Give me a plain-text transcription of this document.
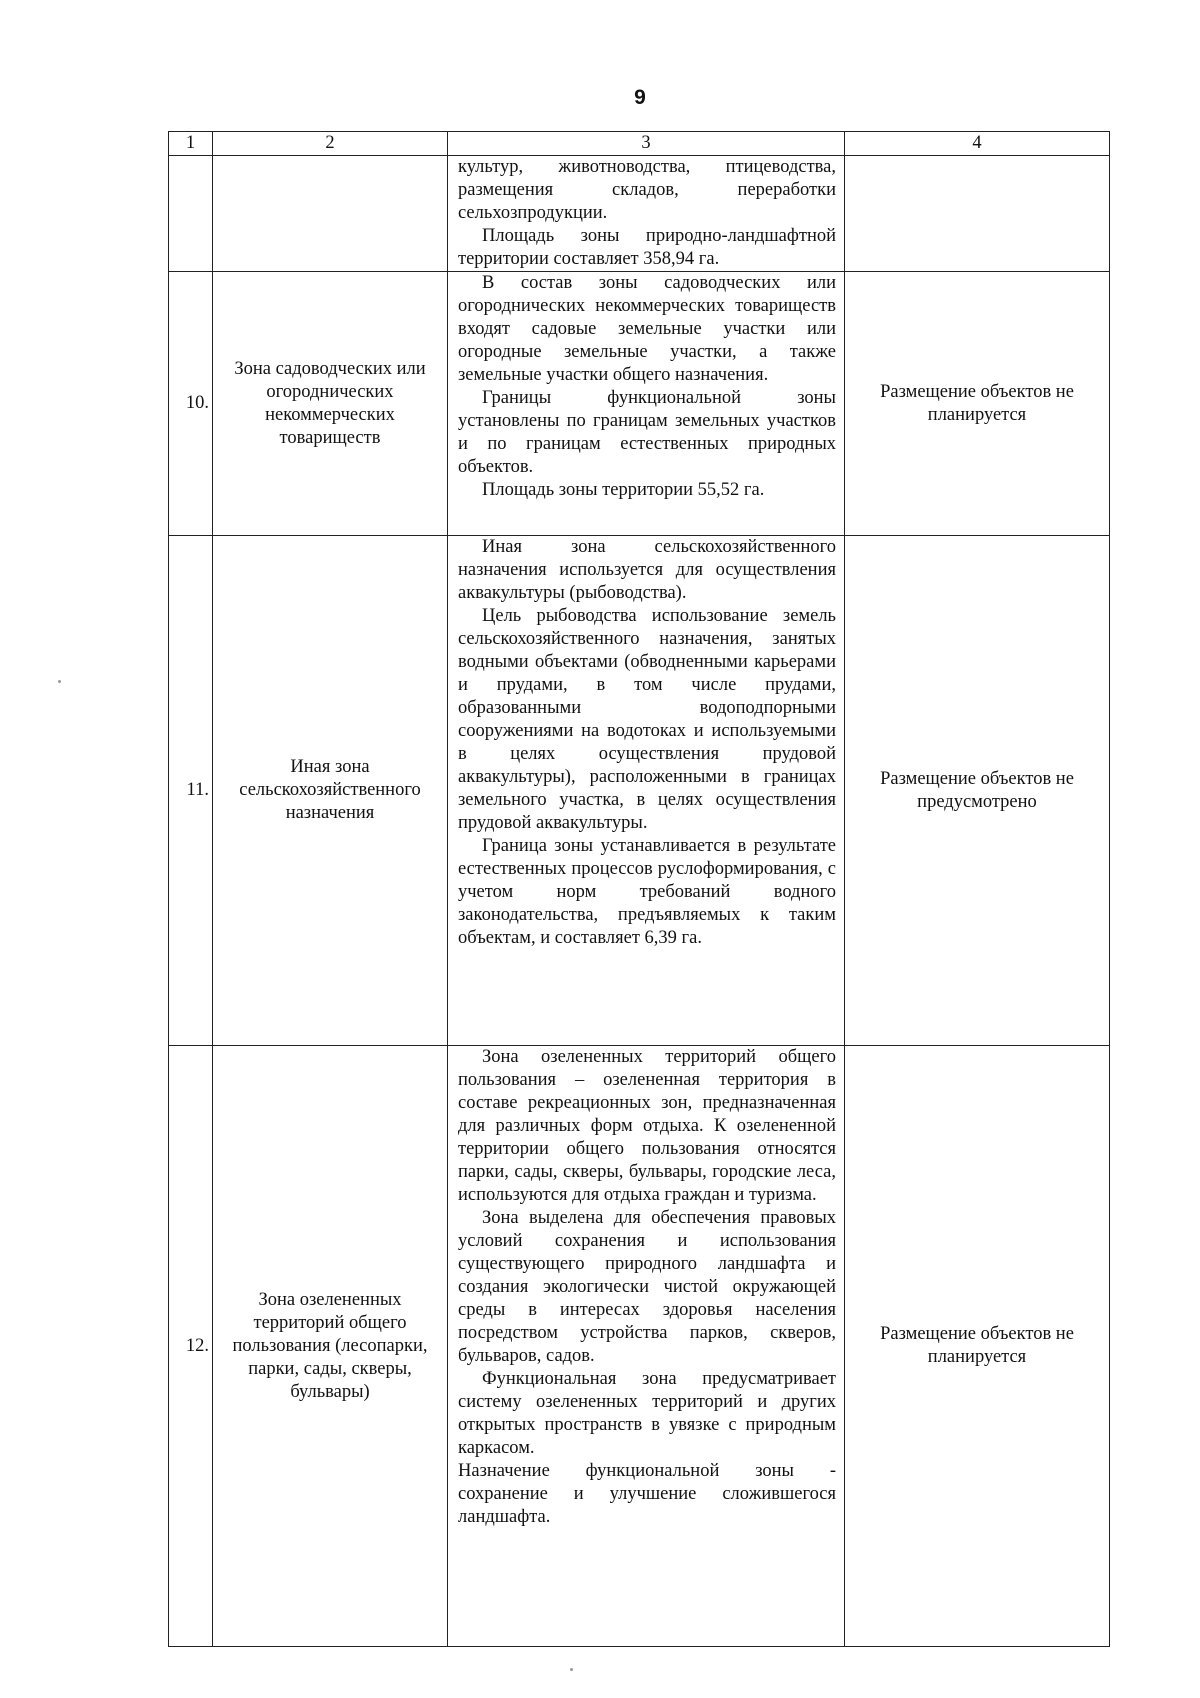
9
1	2	3	4

		культур, животноводства, птицеводства, размещения складов, переработки сельхозпродукции.

Площадь зоны природно-ландшафтной территории составляет 358,94 га.	

10.	Зона садоводческих или огороднических некоммерческих товариществ	В состав зоны садоводческих или огороднических некоммерческих товариществ входят садовые земельные участки или огородные земельные участки, а также земельные участки общего назначения.

Границы функциональной зоны установлены по границам земельных участков и по границам естественных природных объектов.

Площадь зоны территории 55,52 га.	Размещение объектов не планируется
11.	Иная зона сельскохозяйственного назначения	Иная зона сельскохозяйственного назначения используется для осуществления аквакультуры (рыбоводства).

Цель рыбоводства использование земель сельскохозяйственного назначения, занятых водными объектами (обводненными карьерами и прудами, в том числе прудами, образованными водоподпорными сооружениями на водотоках и используемыми в целях осуществления прудовой аквакультуры), расположенными в границах земельного участка, в целях осуществления прудовой аквакультуры.

Граница зоны устанавливается в результате естественных процессов руслоформирования, с учетом норм требований водного законодательства, предъявляемых к таким объектам, и составляет 6,39 га.	Размещение объектов не предусмотрено
12.	Зона озелененных территорий общего пользования (лесопарки, парки, сады, скверы, бульвары)	Зона озелененных территорий общего пользования – озелененная территория в составе рекреационных зон, предназначенная для различных форм отдыха. К озелененной территории общего пользования относятся парки, сады, скверы, бульвары, городские леса, используются для отдыха граждан и туризма.

Зона выделена для обеспечения правовых условий сохранения и использования существующего природного ландшафта и создания экологически чистой окружающей среды в интересах здоровья населения посредством устройства парков, скверов, бульваров, садов.

Функциональная зона предусматривает систему озелененных территорий и других открытых пространств в увязке с природным каркасом.

Назначение функциональной зоны - сохранение и улучшение сложившегося ландшафта.	Размещение объектов не планируется
